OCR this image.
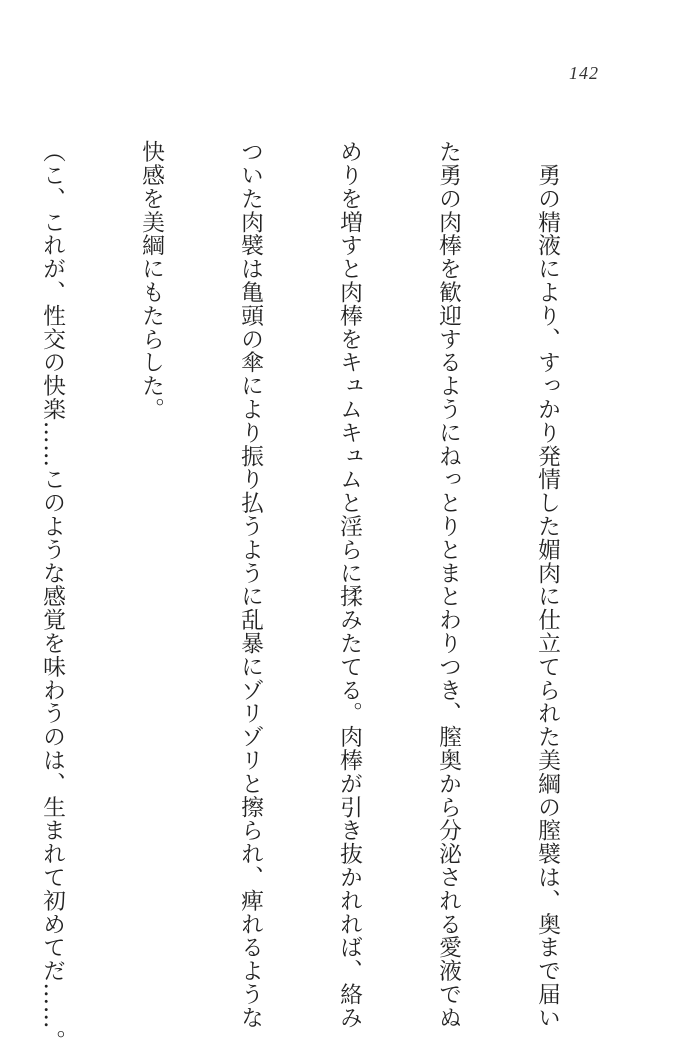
142

　勇の精液により、すっかり発情した媚肉に仕立てられた美綱の膣襞は、奥まで届い

た勇の肉棒を歓迎するようにねっとりとまとわりつき、膣奥から分泌される愛液でぬ

めりを増すと肉棒をキュムキュムと淫らに揉みたてる。肉棒が引き抜かれれば、絡み

ついた肉襞は亀頭の傘により振り払うように乱暴にゾリゾリと擦られ、痺れるような

快感を美綱にもたらした。

（こ、これが、性交の快楽……このような感覚を味わうのは、生まれて初めてだ……。
